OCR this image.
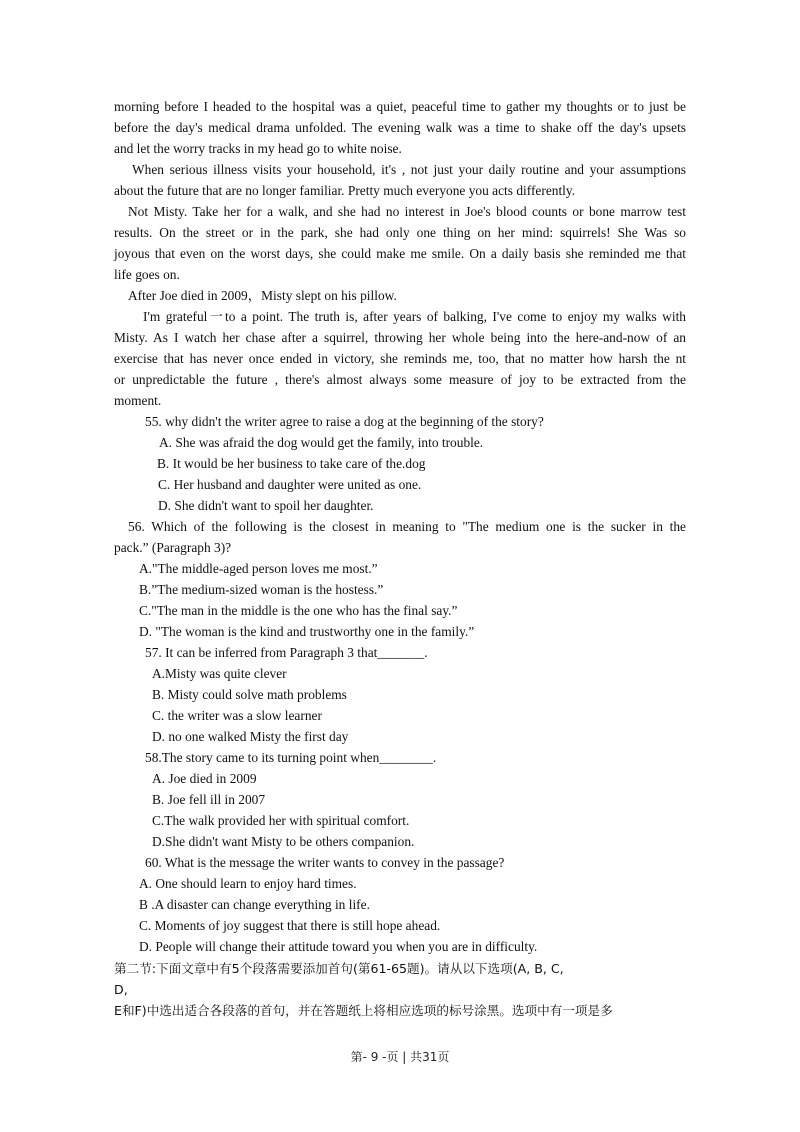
morning before I headed to the hospital was a quiet, peaceful time to gather my thoughts or to just be
before the day's medical drama unfolded. The evening walk was a time to shake off the day's upsets
and let the worry tracks in my head go to white noise.
When serious illness visits your household, it's , not just your daily routine and your assumptions
about the future that are no longer familiar. Pretty much everyone you acts differently.
Not Misty. Take her for a walk, and she had no interest in Joe's blood counts or bone marrow test
results. On the street or in the park, she had only one thing on her mind: squirrels! She Was so
joyous that even on the worst days, she could make me smile. On a daily basis she reminded me that
life goes on.
After Joe died in 2009，Misty slept on his pillow.
I'm grateful一to a point. The truth is, after years of balking, I've come to enjoy my walks with
Misty. As I watch her chase after a squirrel, throwing her whole being into the here-and-now of an
exercise that has never once ended in victory, she reminds me, too, that no matter how harsh the nt
or unpredictable the future , there's almost always some measure of joy to be extracted from the
moment.
55. why didn't the writer agree to raise a dog at the beginning of the story?
A. She was afraid the dog would get the family, into trouble.
B. It would be her business to take care of the.dog
C. Her husband and daughter were united as one.
D. She didn't want to spoil her daughter.
56. Which of the following is the closest in meaning to "The medium one is the sucker in the
pack.” (Paragraph 3)?
A."The middle-aged person loves me most.”
B.”The medium-sized woman is the hostess.”
C."The man in the middle is the one who has the final say.”
D. "The woman is the kind and trustworthy one in the family.”
57. It can be inferred from Paragraph 3 that_______.
A.Misty was quite clever
B. Misty could solve math problems
C. the writer was a slow learner
D. no one walked Misty the first day
58.The story came to its turning point when________.
A. Joe died in 2009
B. Joe fell ill in 2007
C.The walk provided her with spiritual comfort.
D.She didn't want Misty to be others companion.
60. What is the message the writer wants to convey in the passage?
A. One should learn to enjoy hard times.
B .A disaster can change everything in life.
C. Moments of joy suggest that there is still hope ahead.
D. People will change their attitude toward you when you are in difficulty.
第二节:下面文章中有5个段落需要添加首句(第61-65题)。请从以下选项(A, B, C,
D,
E和F)中选出适合各段落的首句，并在答题纸上将相应选项的标号涂黑。选项中有一项是多
第- 9 -页 | 共31页
